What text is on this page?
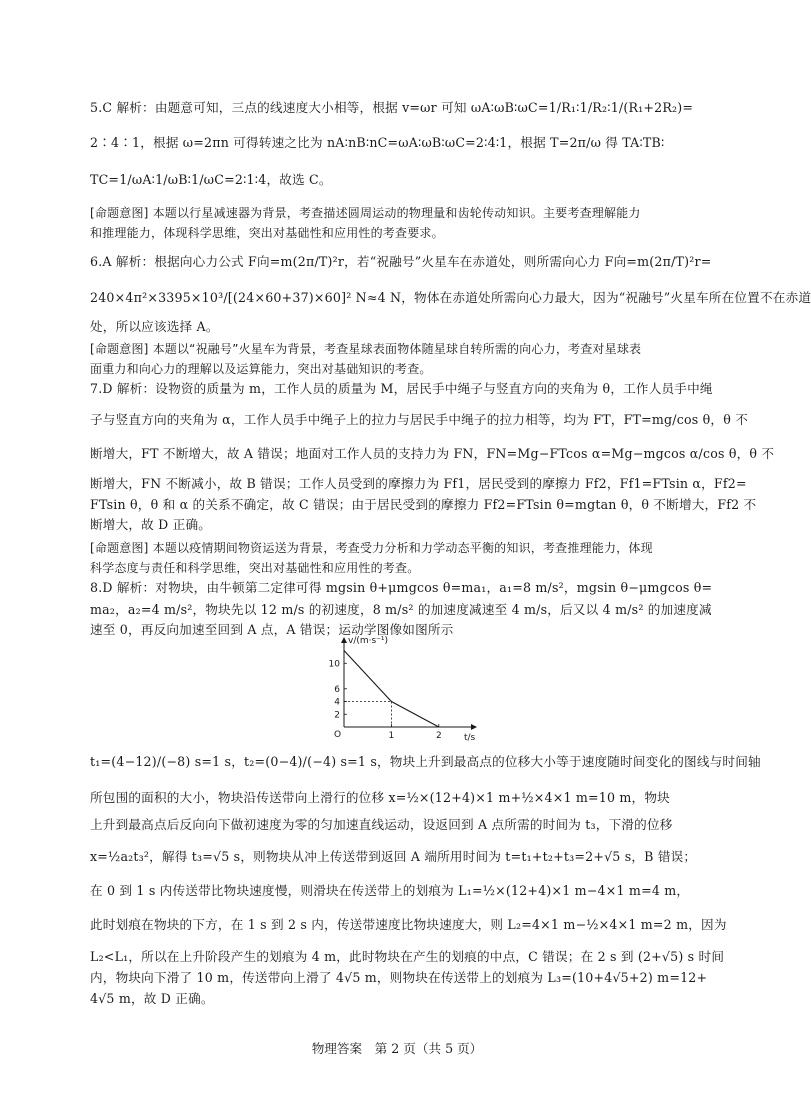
5.C 解析：由题意可知，三点的线速度大小相等，根据 v=ωr 可知 ωA∶ωB∶ωC=1/R₁∶1/R₂∶1/(R₁+2R₂)=
2∶4∶1，根据 ω=2πn 可得转速之比为 nA∶nB∶nC=ωA∶ωB∶ωC=2∶4∶1，根据 T=2π/ω 得 TA∶TB∶
TC=1/ωA∶1/ωB∶1/ωC=2∶1∶4，故选 C。
[命题意图] 本题以行星减速器为背景，考查描述圆周运动的物理量和齿轮传动知识。主要考查理解能力
和推理能力，体现科学思维，突出对基础性和应用性的考查要求。
6.A 解析：根据向心力公式 F向=m(2π/T)²r，若“祝融号”火星车在赤道处，则所需向心力 F向=m(2π/T)²r=
240×4π²×3395×10³/[(24×60+37)×60]² N≈4 N，物体在赤道处所需向心力最大，因为“祝融号”火星车所在位置不在赤道
处，所以应该选择 A。
[命题意图] 本题以“祝融号”火星车为背景，考查星球表面物体随星球自转所需的向心力，考查对星球表
面重力和向心力的理解以及运算能力，突出对基础知识的考查。
7.D 解析：设物资的质量为 m，工作人员的质量为 M，居民手中绳子与竖直方向的夹角为 θ，工作人员手中绳
子与竖直方向的夹角为 α，工作人员手中绳子上的拉力与居民手中绳子的拉力相等，均为 FT，FT=mg/cos θ，θ 不
断增大，FT 不断增大，故 A 错误；地面对工作人员的支持力为 FN，FN=Mg−FTcos α=Mg−mgcos α/cos θ，θ 不
断增大，FN 不断减小，故 B 错误；工作人员受到的摩擦力为 Ff1，居民受到的摩擦力 Ff2，Ff1=FTsin α，Ff2=
FTsin θ，θ 和 α 的关系不确定，故 C 错误；由于居民受到的摩擦力 Ff2=FTsin θ=mgtan θ，θ 不断增大，Ff2 不
断增大，故 D 正确。
[命题意图] 本题以疫情期间物资运送为背景，考查受力分析和力学动态平衡的知识，考查推理能力，体现
科学态度与责任和科学思维，突出对基础性和应用性的考查。
8.D 解析：对物块，由牛顿第二定律可得 mgsin θ+μmgcos θ=ma₁，a₁=8 m/s²，mgsin θ−μmgcos θ=
ma₂，a₂=4 m/s²，物块先以 12 m/s 的初速度，8 m/s² 的加速度减速至 4 m/s，后又以 4 m/s² 的加速度减
速至 0，再反向加速至回到 A 点，A 错误；运动学图像如图所示
v/(m·s⁻¹)
t/s
O
2
4
6
10
1	2
t₁=(4−12)/(−8) s=1 s，t₂=(0−4)/(−4) s=1 s，物块上升到最高点的位移大小等于速度随时间变化的图线与时间轴
所包围的面积的大小，物块沿传送带向上滑行的位移 x=½×(12+4)×1 m+½×4×1 m=10 m，物块
上升到最高点后反向向下做初速度为零的匀加速直线运动，设返回到 A 点所需的时间为 t₃，下滑的位移
x=½a₂t₃²，解得 t₃=√5 s，则物块从冲上传送带到返回 A 端所用时间为 t=t₁+t₂+t₃=2+√5 s，B 错误；
在 0 到 1 s 内传送带比物块速度慢，则滑块在传送带上的划痕为 L₁=½×(12+4)×1 m−4×1 m=4 m，
此时划痕在物块的下方，在 1 s 到 2 s 内，传送带速度比物块速度大，则 L₂=4×1 m−½×4×1 m=2 m，因为
L₂<L₁，所以在上升阶段产生的划痕为 4 m，此时物块在产生的划痕的中点，C 错误；在 2 s 到 (2+√5) s 时间
内，物块向下滑了 10 m，传送带向上滑了 4√5 m，则物块在传送带上的划痕为 L₃=(10+4√5+2) m=12+
4√5 m，故 D 正确。
物理答案　第 2 页（共 5 页）
